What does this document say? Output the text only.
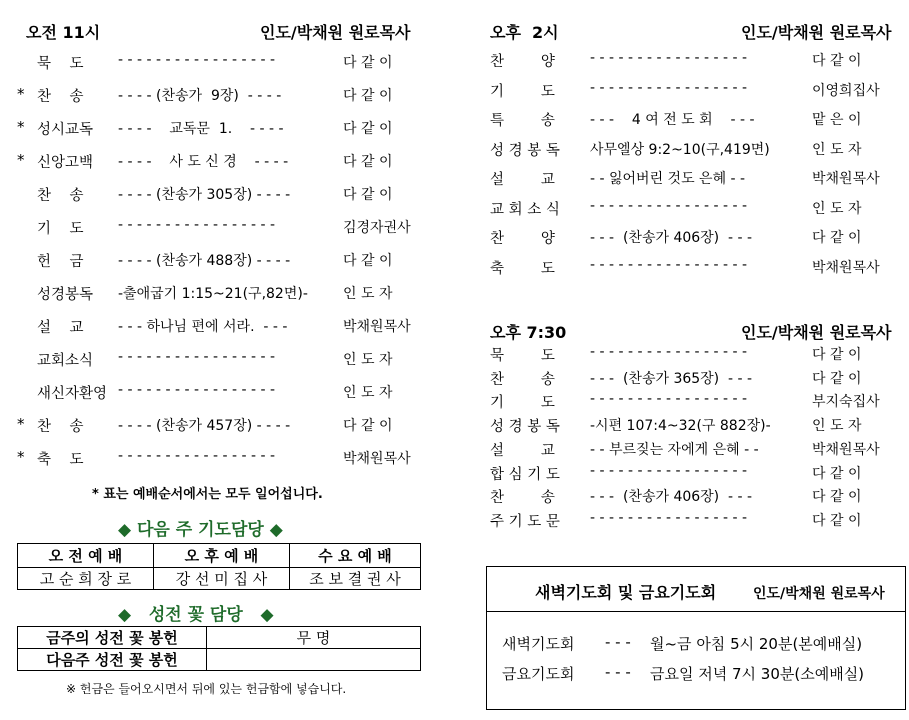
오전 11시	인도/박채원 원로목사
묵    도 - - - - - - - - - - - - - - - - -	다 같 이
* 찬    송 - - - - (찬송가  9장)  - - - -	다 같 이
* 성시교독 - - - -    교독문  1.    - - - -	다 같 이
* 신앙고백 - - - -    사 도 신 경    - - - -	다 같 이
찬    송 - - - - (찬송가 305장) - - - -	다 같 이
기    도 - - - - - - - - - - - - - - - - -	김경자권사
헌    금 - - - - (찬송가 488장) - - - -	다 같 이
성경봉독 -출애굽기 1:15~21(구,82면)-	인 도 자
설    교 - - - 하나님 편에 서라.  - - -	박채원목사
교회소식 - - - - - - - - - - - - - - - - -	인 도 자
새신자환영 - - - - - - - - - - - - - - - - -	인 도 자
* 찬    송 - - - - (찬송가 457장) - - - -	다 같 이
* 축    도 - - - - - - - - - - - - - - - - -	박채원목사
* 표는 예배순서에서는 모두 일어섭니다.
◆ 다음 주 기도담당 ◆
오 전 예 배	오 후 예 배	수 요 예 배
고 순 희 장 로	강 선 미 집 사	조 보 결 권 사
◆   성전 꽃 담당   ◆
금주의 성전 꽃 봉헌	무 명
다음주 성전 꽃 봉헌	
※ 헌금은 들어오시면서 뒤에 있는 헌금함에 넣습니다.
오후  2시	인도/박채원 원로목사
찬        양	- - - - - - - - - - - - - - - - -	다 같 이
기        도	- - - - - - - - - - - - - - - - -	이영희집사
특        송	- - -    4 여 전 도 회    - - -	맡 은 이
성 경 봉 독 사무엘상 9:2~10(구,419면)	인 도 자
설        교	- - 잃어버린 것도 은혜 - -	박채원목사
교 회 소 식 - - - - - - - - - - - - - - - - -	인 도 자
찬        양	- - -  (찬송가 406장)  - - -	다 같 이
축        도	- - - - - - - - - - - - - - - - -	박채원목사
오후 7:30	인도/박채원 원로목사
묵        도	- - - - - - - - - - - - - - - - -	다 같 이
찬        송	- - -  (찬송가 365장)  - - -	다 같 이
기        도	- - - - - - - - - - - - - - - - -	부지숙집사
성 경 봉 독 -시편 107:4~32(구 882장)-	인 도 자
설        교	- - 부르짖는 자에게 은혜 - -	박채원목사
합 심 기 도 - - - - - - - - - - - - - - - - -	다 같 이
찬        송	- - -  (찬송가 406장)  - - -	다 같 이
주 기 도 문 - - - - - - - - - - - - - - - - -	다 같 이
새벽기도회 및 금요기도회	인도/박채원 원로목사
새벽기도회 - - - 월~금 아침 5시 20분(본예배실)
금요기도회 - - - 금요일 저녁 7시 30분(소예배실)
